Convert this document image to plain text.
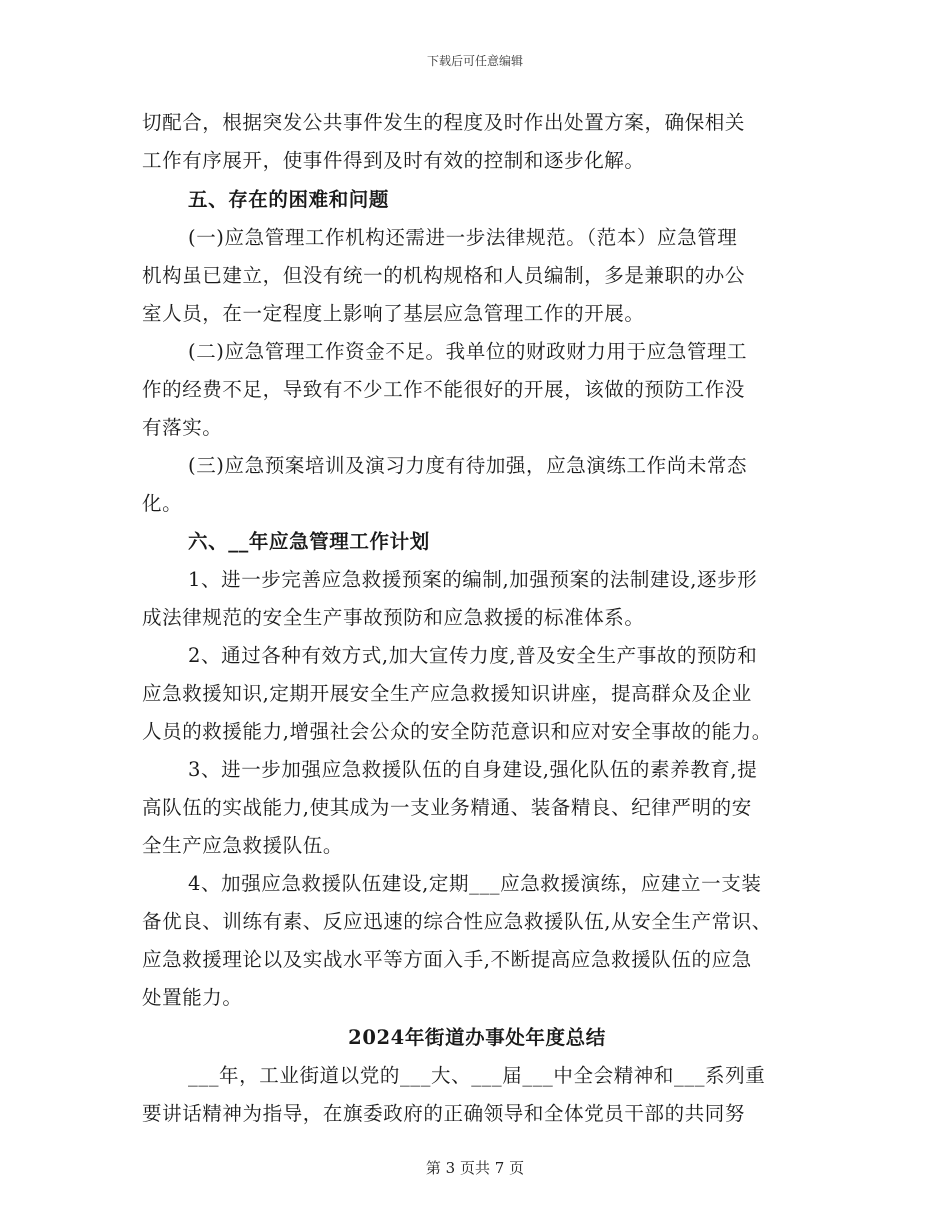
下载后可任意编辑
切配合，根据突发公共事件发生的程度及时作出处置方案，确保相关
工作有序展开，使事件得到及时有效的控制和逐步化解。
五、存在的困难和问题
(一)应急管理工作机构还需进一步法律规范。（范本）应急管理
机构虽已建立，但没有统一的机构规格和人员编制，多是兼职的办公
室人员，在一定程度上影响了基层应急管理工作的开展。
(二)应急管理工作资金不足。我单位的财政财力用于应急管理工
作的经费不足，导致有不少工作不能很好的开展，该做的预防工作没
有落实。
(三)应急预案培训及演习力度有待加强，应急演练工作尚未常态
化。
六、__年应急管理工作计划
1、进一步完善应急救援预案的编制,加强预案的法制建设,逐步形
成法律规范的安全生产事故预防和应急救援的标准体系。
2、通过各种有效方式,加大宣传力度,普及安全生产事故的预防和
应急救援知识,定期开展安全生产应急救援知识讲座，提高群众及企业
人员的救援能力,增强社会公众的安全防范意识和应对安全事故的能力。
3、进一步加强应急救援队伍的自身建设,强化队伍的素养教育,提
高队伍的实战能力,使其成为一支业务精通、装备精良、纪律严明的安
全生产应急救援队伍。
4、加强应急救援队伍建设,定期___应急救援演练，应建立一支装
备优良、训练有素、反应迅速的综合性应急救援队伍,从安全生产常识、
应急救援理论以及实战水平等方面入手,不断提高应急救援队伍的应急
处置能力。
2024年街道办事处年度总结
___年，工业街道以党的___大、___届___中全会精神和___系列重
要讲话精神为指导，在旗委政府的正确领导和全体党员干部的共同努
第 3 页共 7 页
